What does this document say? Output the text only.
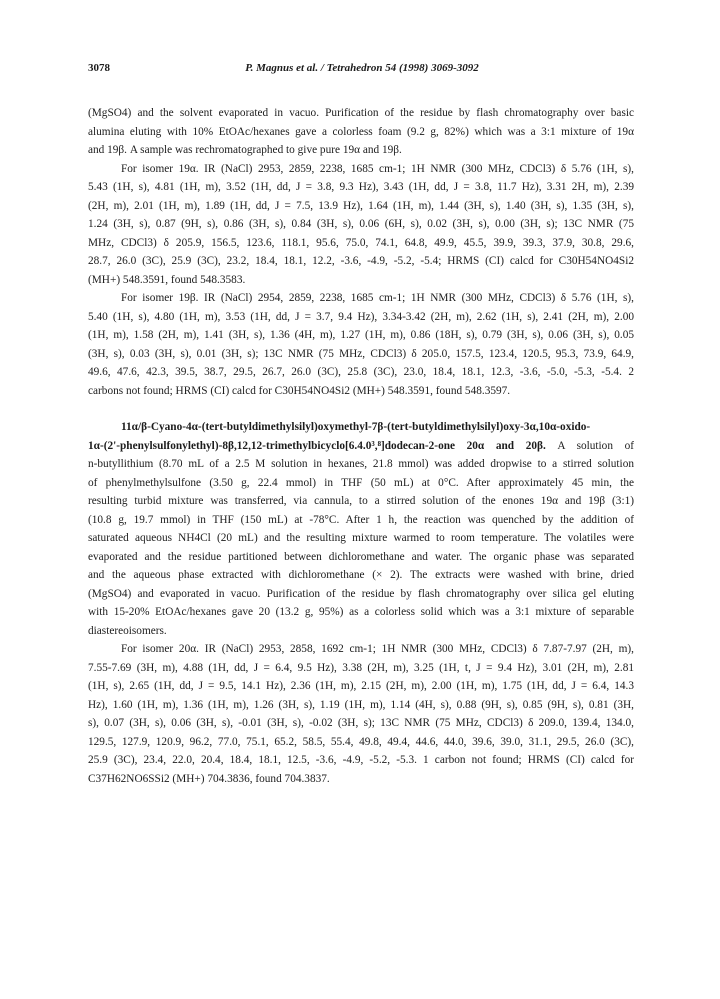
3078	P. Magnus et al. / Tetrahedron 54 (1998) 3069-3092
(MgSO4) and the solvent evaporated in vacuo. Purification of the residue by flash chromatography over basic
alumina eluting with 10% EtOAc/hexanes gave a colorless foam (9.2 g, 82%) which was a 3:1 mixture of 19α
and 19β. A sample was rechromatographed to give pure 19α and 19β.
For isomer 19α. IR (NaCl) 2953, 2859, 2238, 1685 cm-1; 1H NMR (300 MHz, CDCl3) δ 5.76 (1H, s),
5.43 (1H, s), 4.81 (1H, m), 3.52 (1H, dd, J = 3.8, 9.3 Hz), 3.43 (1H, dd, J = 3.8, 11.7 Hz), 3.31 2H, m), 2.39
(2H, m), 2.01 (1H, m), 1.89 (1H, dd, J = 7.5, 13.9 Hz), 1.64 (1H, m), 1.44 (3H, s), 1.40 (3H, s), 1.35 (3H, s),
1.24 (3H, s), 0.87 (9H, s), 0.86 (3H, s), 0.84 (3H, s), 0.06 (6H, s), 0.02 (3H, s), 0.00 (3H, s); 13C NMR (75
MHz, CDCl3) δ 205.9, 156.5, 123.6, 118.1, 95.6, 75.0, 74.1, 64.8, 49.9, 45.5, 39.9, 39.3, 37.9, 30.8, 29.6,
28.7, 26.0 (3C), 25.9 (3C), 23.2, 18.4, 18.1, 12.2, -3.6, -4.9, -5.2, -5.4; HRMS (CI) calcd for C30H54NO4Si2
(MH+) 548.3591, found 548.3583.
For isomer 19β. IR (NaCl) 2954, 2859, 2238, 1685 cm-1; 1H NMR (300 MHz, CDCl3) δ 5.76 (1H, s),
5.40 (1H, s), 4.80 (1H, m), 3.53 (1H, dd, J = 3.7, 9.4 Hz), 3.34-3.42 (2H, m), 2.62 (1H, s), 2.41 (2H, m), 2.00
(1H, m), 1.58 (2H, m), 1.41 (3H, s), 1.36 (4H, m), 1.27 (1H, m), 0.86 (18H, s), 0.79 (3H, s), 0.06 (3H, s), 0.05
(3H, s), 0.03 (3H, s), 0.01 (3H, s); 13C NMR (75 MHz, CDCl3) δ 205.0, 157.5, 123.4, 120.5, 95.3, 73.9, 64.9,
49.6, 47.6, 42.3, 39.5, 38.7, 29.5, 26.7, 26.0 (3C), 25.8 (3C), 23.0, 18.4, 18.1, 12.3, -3.6, -5.0, -5.3, -5.4. 2
carbons not found; HRMS (CI) calcd for C30H54NO4Si2 (MH+) 548.3591, found 548.3597.
11α/β-Cyano-4α-(tert-butyldimethylsilyl)oxymethyl-7β-(tert-butyldimethylsilyl)oxy-3α,10α-oxido-
1α-(2'-phenylsulfonylethyl)-8β,12,12-trimethylbicyclo[6.4.0³,⁸]dodecan-2-one 20α and 20β. A solution of
n-butyllithium (8.70 mL of a 2.5 M solution in hexanes, 21.8 mmol) was added dropwise to a stirred solution
of phenylmethylsulfone (3.50 g, 22.4 mmol) in THF (50 mL) at 0°C. After approximately 45 min, the
resulting turbid mixture was transferred, via cannula, to a stirred solution of the enones 19α and 19β (3:1)
(10.8 g, 19.7 mmol) in THF (150 mL) at -78°C. After 1 h, the reaction was quenched by the addition of
saturated aqueous NH4Cl (20 mL) and the resulting mixture warmed to room temperature. The volatiles were
evaporated and the residue partitioned between dichloromethane and water. The organic phase was separated
and the aqueous phase extracted with dichloromethane (× 2). The extracts were washed with brine, dried
(MgSO4) and evaporated in vacuo. Purification of the residue by flash chromatography over silica gel eluting
with 15-20% EtOAc/hexanes gave 20 (13.2 g, 95%) as a colorless solid which was a 3:1 mixture of separable
diastereoisomers.
For isomer 20α. IR (NaCl) 2953, 2858, 1692 cm-1; 1H NMR (300 MHz, CDCl3) δ 7.87-7.97 (2H, m),
7.55-7.69 (3H, m), 4.88 (1H, dd, J = 6.4, 9.5 Hz), 3.38 (2H, m), 3.25 (1H, t, J = 9.4 Hz), 3.01 (2H, m), 2.81
(1H, s), 2.65 (1H, dd, J = 9.5, 14.1 Hz), 2.36 (1H, m), 2.15 (2H, m), 2.00 (1H, m), 1.75 (1H, dd, J = 6.4, 14.3
Hz), 1.60 (1H, m), 1.36 (1H, m), 1.26 (3H, s), 1.19 (1H, m), 1.14 (4H, s), 0.88 (9H, s), 0.85 (9H, s), 0.81 (3H,
s), 0.07 (3H, s), 0.06 (3H, s), -0.01 (3H, s), -0.02 (3H, s); 13C NMR (75 MHz, CDCl3) δ 209.0, 139.4, 134.0,
129.5, 127.9, 120.9, 96.2, 77.0, 75.1, 65.2, 58.5, 55.4, 49.8, 49.4, 44.6, 44.0, 39.6, 39.0, 31.1, 29.5, 26.0 (3C),
25.9 (3C), 23.4, 22.0, 20.4, 18.4, 18.1, 12.5, -3.6, -4.9, -5.2, -5.3. 1 carbon not found; HRMS (CI) calcd for
C37H62NO6SSi2 (MH+) 704.3836, found 704.3837.
